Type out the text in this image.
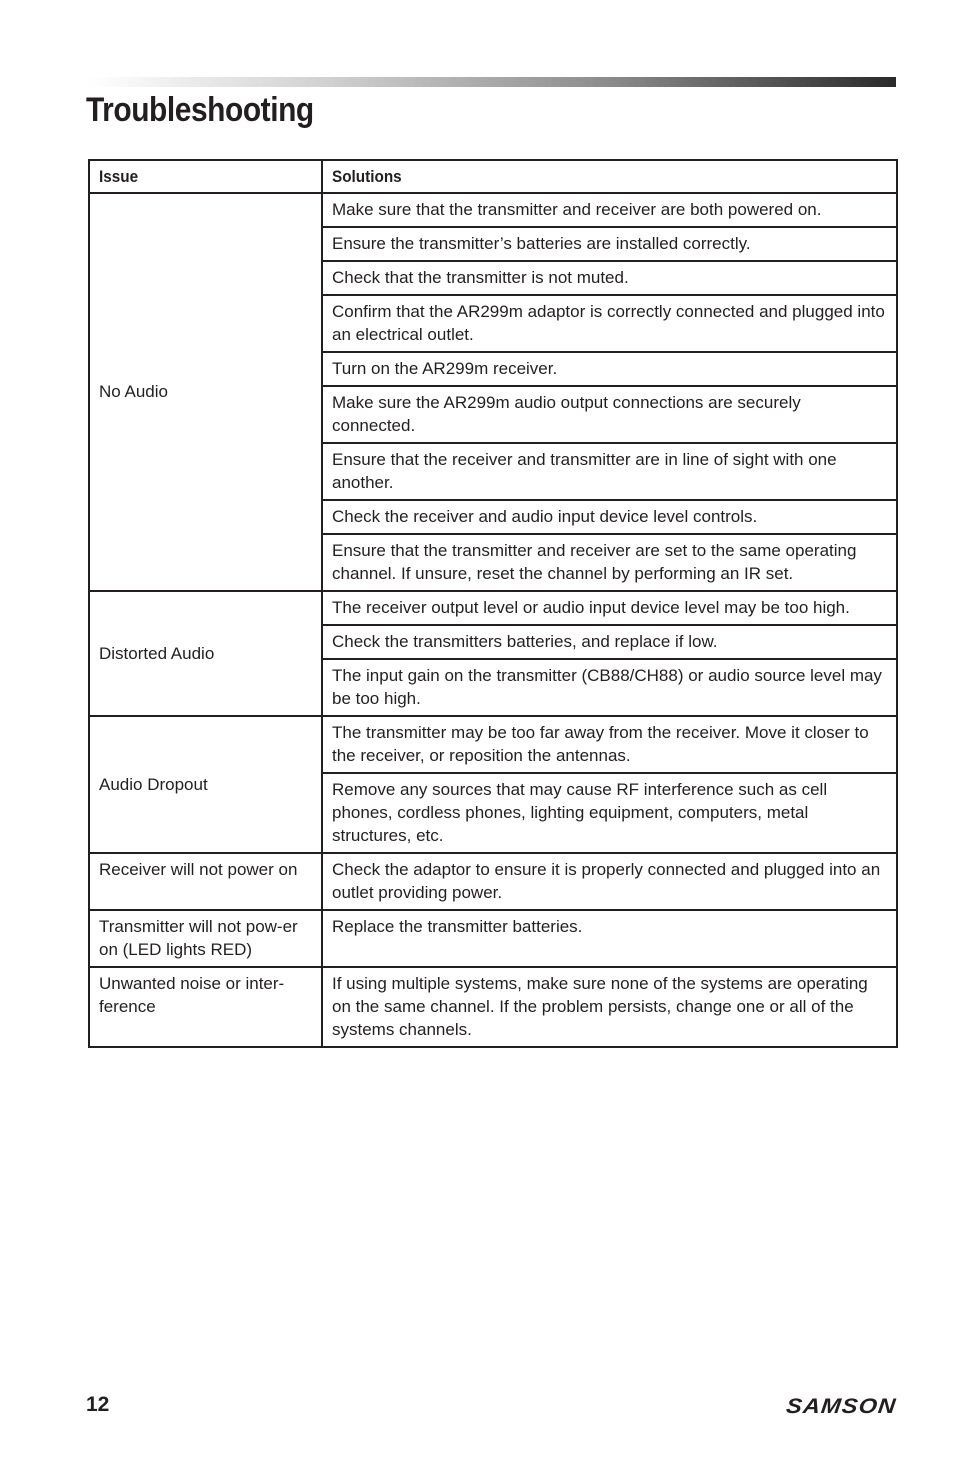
Troubleshooting
Issue	Solutions
No Audio	Make sure that the transmitter and receiver are both powered on.
	Ensure the transmitter’s batteries are installed correctly.
	Check that the transmitter is not muted.
	Confirm that the AR299m adaptor is correctly connected and plugged into an electrical outlet.
	Turn on the AR299m receiver.
	Make sure the AR299m audio output connections are securely connected.
	Ensure that the receiver and transmitter are in line of sight with one another.
	Check the receiver and audio input device level controls.
	Ensure that the transmitter and receiver are set to the same operating channel. If unsure, reset the channel by performing an IR set.
Distorted Audio	The receiver output level or audio input device level may be too high.
	Check the transmitters batteries, and replace if low.
	The input gain on the transmitter (CB88/CH88) or audio source level may be too high.
Audio Dropout	The transmitter may be too far away from the receiver. Move it closer to the receiver, or reposition the antennas.
	Remove any sources that may cause RF interference such as cell phones, cordless phones, lighting equipment, computers, metal structures, etc.
Receiver will not power on	Check the adaptor to ensure it is properly connected and plugged into an outlet providing power.
Transmitter will not pow-er on (LED lights RED)	Replace the transmitter batteries.
Unwanted noise or inter-ference	If using multiple systems, make sure none of the systems are operating on the same channel. If the problem persists, change one or all of the systems channels.
12	SAMSON
